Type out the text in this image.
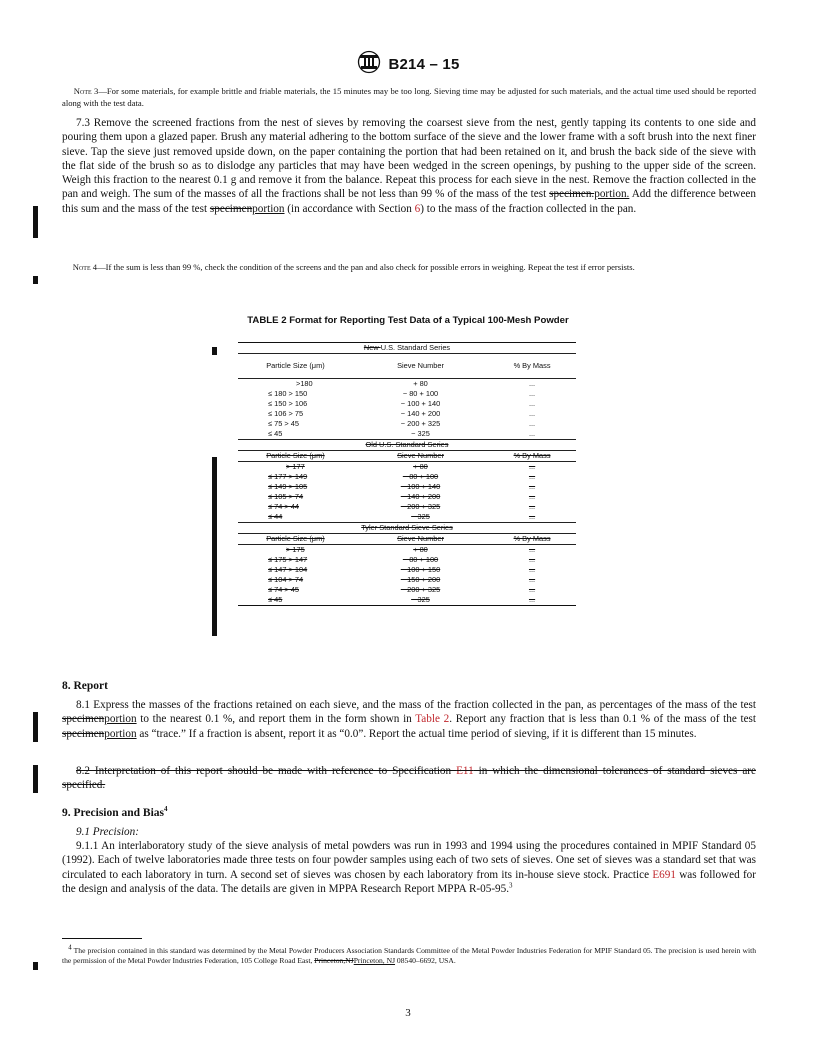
B214 – 15
Note 3—For some materials, for example brittle and friable materials, the 15 minutes may be too long. Sieving time may be adjusted for such materials, and the actual time used should be reported along with the test data.
7.3 Remove the screened fractions from the nest of sieves by removing the coarsest sieve from the nest, gently tapping its contents to one side and pouring them upon a glazed paper. Brush any material adhering to the bottom surface of the sieve and the lower frame with a soft brush into the next finer sieve. Tap the sieve just removed upside down, on the paper containing the portion that had been retained on it, and brush the back side of the sieve with the flat side of the brush so as to dislodge any particles that may have been wedged in the screen openings, by pushing to the upper side of the screen. Weigh this fraction to the nearest 0.1 g and remove it from the balance. Repeat this process for each sieve in the nest. Remove the fraction collected in the pan and weigh. The sum of the masses of all the fractions shall be not less than 99 % of the mass of the test specimen.portion. Add the difference between this sum and the mass of the test specimenportion (in accordance with Section 6) to the mass of the fraction collected in the pan.
Note 4—If the sum is less than 99 %, check the condition of the screens and the pan and also check for possible errors in weighing. Repeat the test if error persists.
TABLE 2 Format for Reporting Test Data of a Typical 100-Mesh Powder
New U.S. Standard Series		
Particle Size (μm)	Sieve Number	% By Mass
>180	+ 80	...
≤ 180 > 150	− 80 + 100	...
≤ 150 > 106	− 100 + 140	...
≤ 106 > 75	− 140 + 200	...
≤ 75 > 45	− 200 + 325	...
≤ 45	− 325	...
Old U.S. Standard Series		
Particle Size (μm)	Sieve Number	% By Mass
> 177	+ 80	...
≤ 177 > 149	− 80 + 100	...
≤ 149 > 105	− 100 + 140	...
≤ 105 > 74	− 140 + 200	...
≤ 74 > 44	− 200 + 325	...
≤ 44	− 325	...
Tyler Standard Sieve Series		
Particle Size (μm)	Sieve Number	% By Mass
> 175	+ 80	...
≤ 175 > 147	− 80 + 100	...
≤ 147 > 104	− 100 + 150	...
≤ 104 > 74	− 150 + 200	...
≤ 74 > 45	− 200 + 325	...
≤ 45	− 325	...
8. Report
8.1 Express the masses of the fractions retained on each sieve, and the mass of the fraction collected in the pan, as percentages of the mass of the test specimenportion to the nearest 0.1 %, and report them in the form shown in Table 2. Report any fraction that is less than 0.1 % of the mass of the test specimenportion as “trace.” If a fraction is absent, report it as “0.0”. Report the actual time period of sieving, if it is different than 15 minutes.
8.2 Interpretation of this report should be made with reference to Specification E11 in which the dimensional tolerances of standard sieves are specified.
9. Precision and Bias$^4$
9.1 Precision:
9.1.1 An interlaboratory study of the sieve analysis of metal powders was run in 1993 and 1994 using the procedures contained in MPIF Standard 05 (1992). Each of twelve laboratories made three tests on four powder samples using each of two sets of sieves. One set of sieves was a standard set that was circulated to each laboratory in turn. A second set of sieves was chosen by each laboratory from its in-house sieve stock. Practice E691 was followed for the design and analysis of the data. The details are given in MPPA Research Report MPPA R-05-95.$^3$
$^4$ The precision contained in this standard was determined by the Metal Powder Producers Association Standards Committee of the Metal Powder Industries Federation for MPIF Standard 05. The precision is used herein with the permission of the Metal Powder Industries Federation, 105 College Road East, Princeton,NJPrinceton, NJ 08540–6692, USA.
3
